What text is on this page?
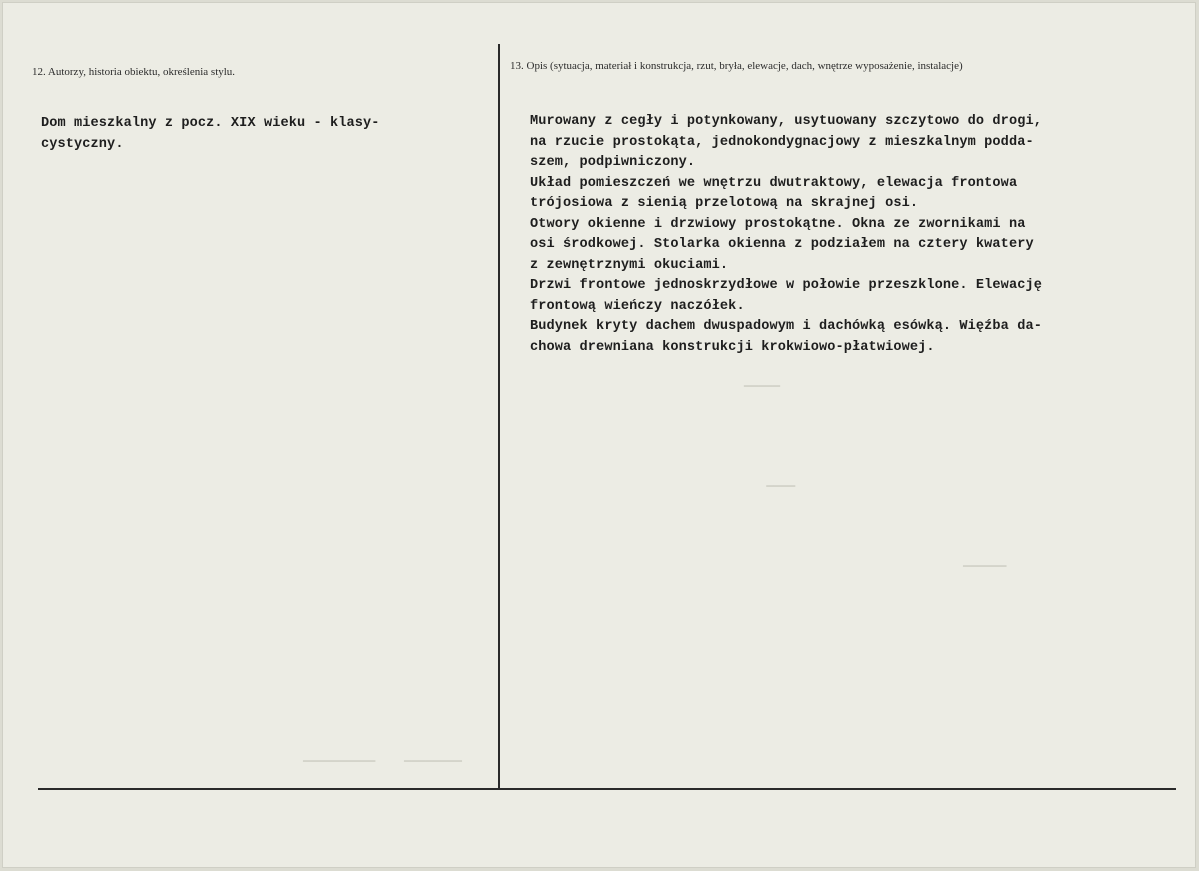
▁▁▁▁▁
▁▁▁▁
▁▁▁▁▁▁
▁▁▁▁▁▁▁▁▁▁    ▁▁▁▁▁▁▁▁
12. Autorzy, historia obiektu, określenia stylu.	13. Opis (sytuacja, materiał i konstrukcja, rzut, bryła, elewacje, dach, wnętrze wyposażenie, instalacje)
Dom mieszkalny z pocz. XIX wieku - klasy-
cystyczny.
Murowany z cegły i potynkowany, usytuowany szczytowo do drogi,
na rzucie prostokąta, jednokondygnacjowy z mieszkalnym podda-
szem, podpiwniczony.
Układ pomieszczeń we wnętrzu dwutraktowy, elewacja frontowa
trójosiowa z sienią przelotową na skrajnej osi.
Otwory okienne i drzwiowy prostokątne. Okna ze zwornikami na
osi środkowej. Stolarka okienna z podziałem na cztery kwatery
z zewnętrznymi okuciami.
Drzwi frontowe jednoskrzydłowe w połowie przeszklone. Elewację
frontową wieńczy naczółek.
Budynek kryty dachem dwuspadowym i dachówką esówką. Więźba da-
chowa drewniana konstrukcji krokwiowo-płatwiowej.
